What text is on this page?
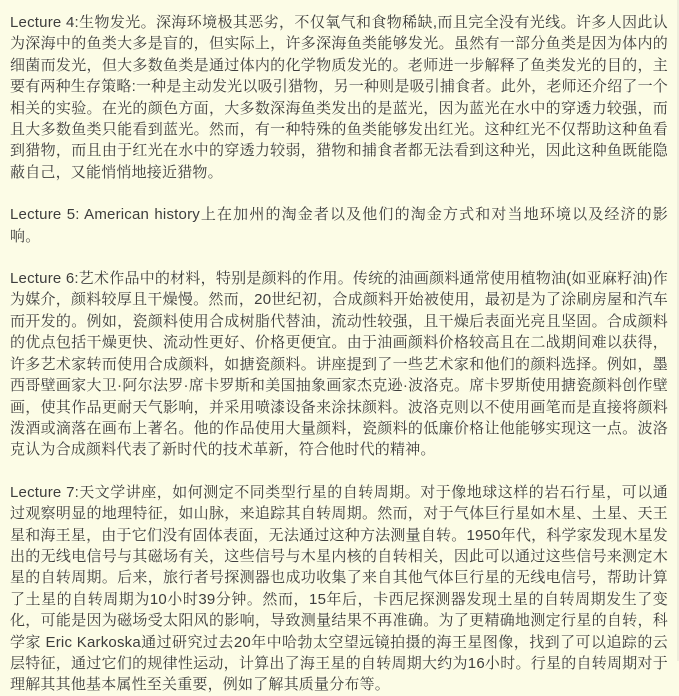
Lecture 4:生物发光。深海环境极其恶劣，不仅氧气和食物稀缺,而且完全没有光线。许多人因此认为深海中的鱼类大多是盲的，但实际上，许多深海鱼类能够发光。虽然有一部分鱼类是因为体内的细菌而发光，但大多数鱼类是通过体内的化学物质发光的。老师进一步解释了鱼类发光的目的，主要有两种生存策略:一种是主动发光以吸引猎物，另一种则是吸引捕食者。此外，老师还介绍了一个相关的实验。在光的颜色方面，大多数深海鱼类发出的是蓝光，因为蓝光在水中的穿透力较强，而且大多数鱼类只能看到蓝光。然而，有一种特殊的鱼类能够发出红光。这种红光不仅帮助这种鱼看到猎物，而且由于红光在水中的穿透力较弱，猎物和捕食者都无法看到这种光，因此这种鱼既能隐蔽自己，又能悄悄地接近猎物。

Lecture 5: American history上在加州的淘金者以及他们的淘金方式和对当地环境以及经济的影响。

Lecture 6:艺术作品中的材料，特别是颜料的作用。传统的油画颜料通常使用植物油(如亚麻籽油)作为媒介，颜料较厚且干燥慢。然而，20世纪初，合成颜料开始被使用，最初是为了涂刷房屋和汽车而开发的。例如，瓷颜料使用合成树脂代替油，流动性较强，且干燥后表面光亮且坚固。合成颜料的优点包括干燥更快、流动性更好、价格更便宜。由于油画颜料价格较高且在二战期间难以获得，许多艺术家转而使用合成颜料，如搪瓷颜料。讲座提到了一些艺术家和他们的颜料选择。例如，墨西哥壁画家大卫·阿尔法罗·席卡罗斯和美国抽象画家杰克逊·波洛克。席卡罗斯使用搪瓷颜料创作壁画，使其作品更耐天气影响，并采用喷漆设备来涂抹颜料。波洛克则以不使用画笔而是直接将颜料泼酒或滴落在画布上著名。他的作品使用大量颜料，瓷颜料的低廉价格让他能够实现这一点。波洛克认为合成颜料代表了新时代的技术革新，符合他时代的精神。

Lecture 7:天文学讲座，如何测定不同类型行星的自转周期。对于像地球这样的岩石行星，可以通过观察明显的地理特征，如山脉，来追踪其自转周期。然而，对于气体巨行星如木星、土星、天王星和海王星，由于它们没有固体表面，无法通过这种方法测量自转。1950年代，科学家发现木星发出的无线电信号与其磁场有关，这些信号与木星内核的自转相关，因此可以通过这些信号来测定木星的自转周期。后来，旅行者号探测器也成功收集了来自其他气体巨行星的无线电信号，帮助计算了土星的自转周期为10小时39分钟。然而，15年后，卡西尼探测器发现土星的自转周期发生了变化，可能是因为磁场受太阳风的影响，导致测量结果不再准确。为了更精确地测定行星的自转，科学家 Eric Karkoska通过研究过去20年中哈勃太空望远镜拍摄的海王星图像，找到了可以追踪的云层特征，通过它们的规律性运动，计算出了海王星的自转周期大约为16小时。行星的自转周期对于理解其其他基本属性至关重要，例如了解其质量分布等。
